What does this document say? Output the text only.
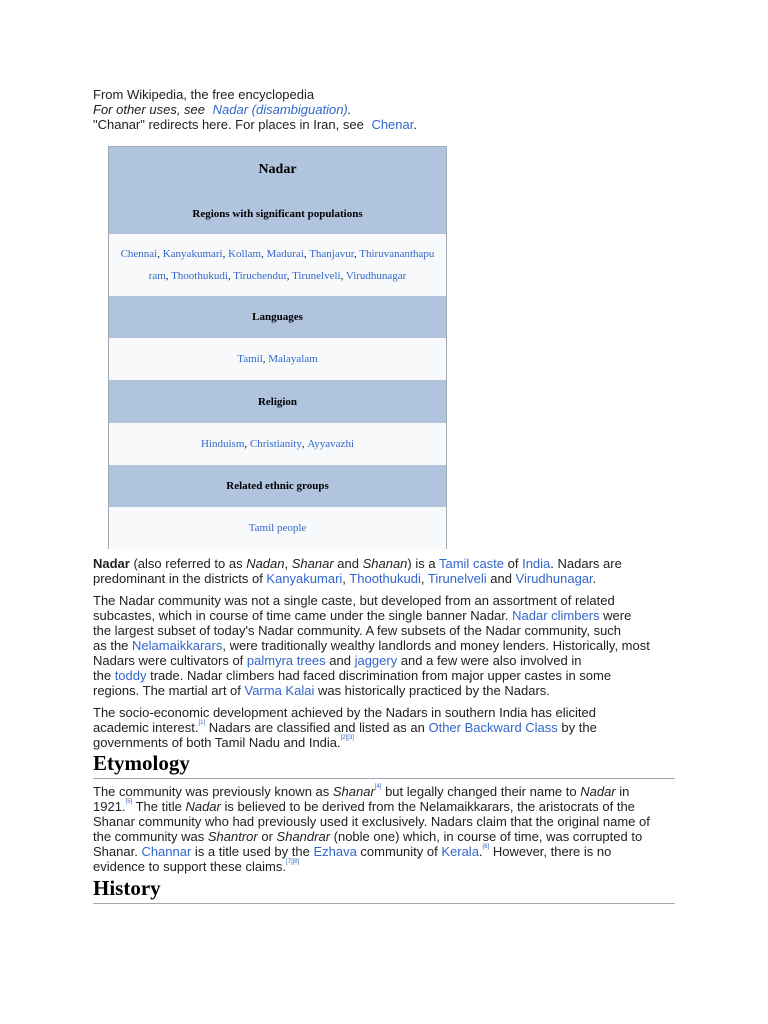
From Wikipedia, the free encyclopedia
For other uses, see Nadar (disambiguation).
"Chanar" redirects here. For places in Iran, see Chenar.
Nadar
Regions with significant populations
Chennai, Kanyakumari, Kollam, Madurai, Thanjavur, Thiruvananthapu
ram, Thoothukudi, Tiruchendur, Tirunelveli, Virudhunagar
Languages
Tamil , Malayalam
Religion
Hinduism , Christianity , Ayyavazhi
Related ethnic groups
Tamil people

Nadar (also referred to as Nadan, Shanar and Shanan) is a Tamil caste of India. Nadars are
predominant in the districts of Kanyakumari, Thoothukudi, Tirunelveli and Virudhunagar.

The Nadar community was not a single caste, but developed from an assortment of related
subcastes, which in course of time came under the single banner Nadar. Nadar climbers were
the largest subset of today's Nadar community. A few subsets of the Nadar community, such
as the Nelamaikkarars, were traditionally wealthy landlords and money lenders. Historically, most
Nadars were cultivators of palmyra trees and jaggery and a few were also involved in
the toddy trade. Nadar climbers had faced discrimination from major upper castes in some
regions. The martial art of Varma Kalai was historically practiced by the Nadars.

The socio-economic development achieved by the Nadars in southern India has elicited
academic interest.[1] Nadars are classified and listed as an Other Backward Class by the
governments of both Tamil Nadu and India.[2][3]

Etymology

The community was previously known as Shanar[4] but legally changed their name to Nadar in
1921.[5] The title Nadar is believed to be derived from the Nelamaikkarars, the aristocrats of the
Shanar community who had previously used it exclusively. Nadars claim that the original name of
the community was Shantror or Shandrar (noble one) which, in course of time, was corrupted to
Shanar. Channar is a title used by the Ezhava community of Kerala.[6] However, there is no
evidence to support these claims.[7][8]

History
